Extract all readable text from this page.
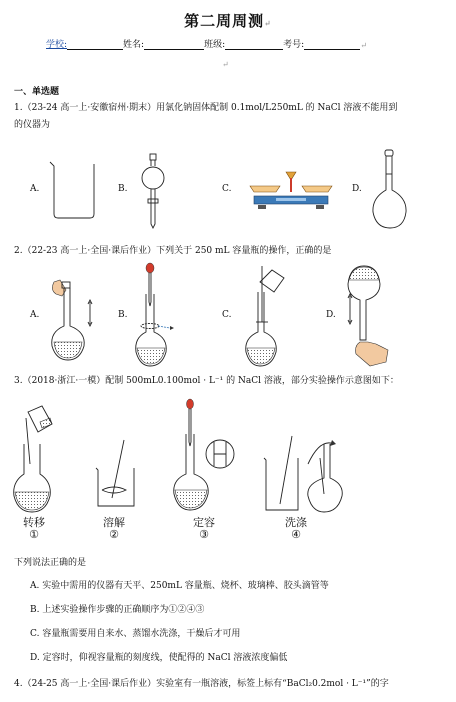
第二周周测↵
学校:	姓名:	班级:	考号:	↵
↵
一、单选题
1.（23-24 高一上·安徽宿州·期末）用氯化钠固体配制 0.1mol/L250mL 的 NaCl 溶液不能用到
的仪器为
A.	B.	C.	D.
2.（22-23 高一上·全国·课后作业）下列关于 250 mL 容量瓶的操作，正确的是
A.	B.	C.	D.
3.（2018·浙江·一模）配制 500mL0.100mol · L⁻¹ 的 NaCl 溶液，部分实验操作示意图如下：
转移
①
溶解
②
定容
③
洗涤
④
下列说法正确的是
A. 实验中需用的仪器有天平、250mL 容量瓶、烧杯、玻璃棒、胶头滴管等
B. 上述实验操作步骤的正确顺序为①②④③
C. 容量瓶需要用自来水、蒸馏水洗涤，干燥后才可用
D. 定容时，仰视容量瓶的刻度线，使配得的 NaCl 溶液浓度偏低
4.（24-25 高一上·全国·课后作业）实验室有一瓶溶液，标签上标有“BaCl₂0.2mol · L⁻¹”的字
